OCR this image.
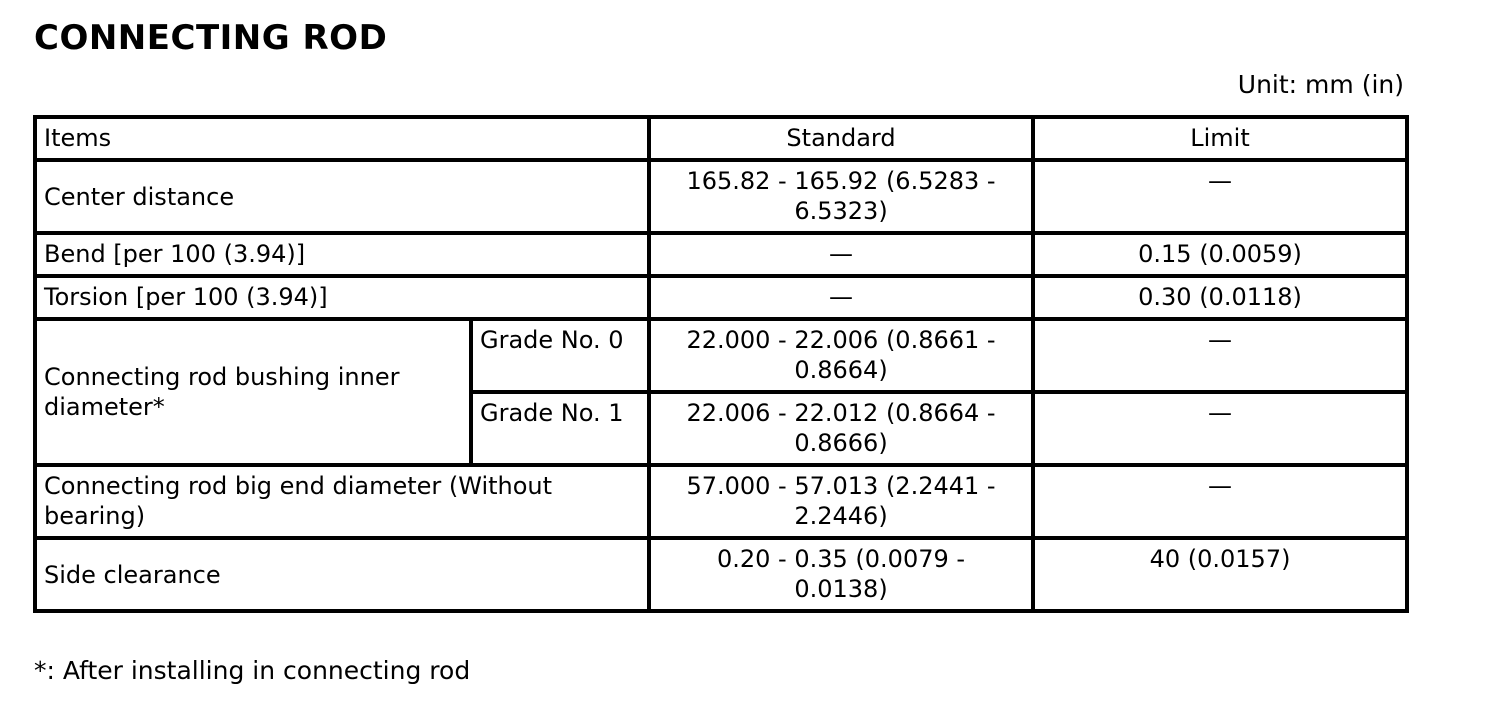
CONNECTING ROD
Unit: mm (in)
Items		Standard	Limit
Center distance		165.82 - 165.92 (6.5283 -
6.5323)	—
Bend [per 100 (3.94)]		—	0.15 (0.0059)
Torsion [per 100 (3.94)]		—	0.30 (0.0118)
Connecting rod bushing inner
diameter*	Grade No. 0	22.000 - 22.006 (0.8661 -
0.8664)	—
	Grade No. 1	22.006 - 22.012 (0.8664 -
0.8666)	—
Connecting rod big end diameter (Without
bearing)		57.000 - 57.013 (2.2441 -
2.2446)	—
Side clearance		0.20 - 0.35 (0.0079 -
0.0138)	40 (0.0157)
*: After installing in connecting rod
